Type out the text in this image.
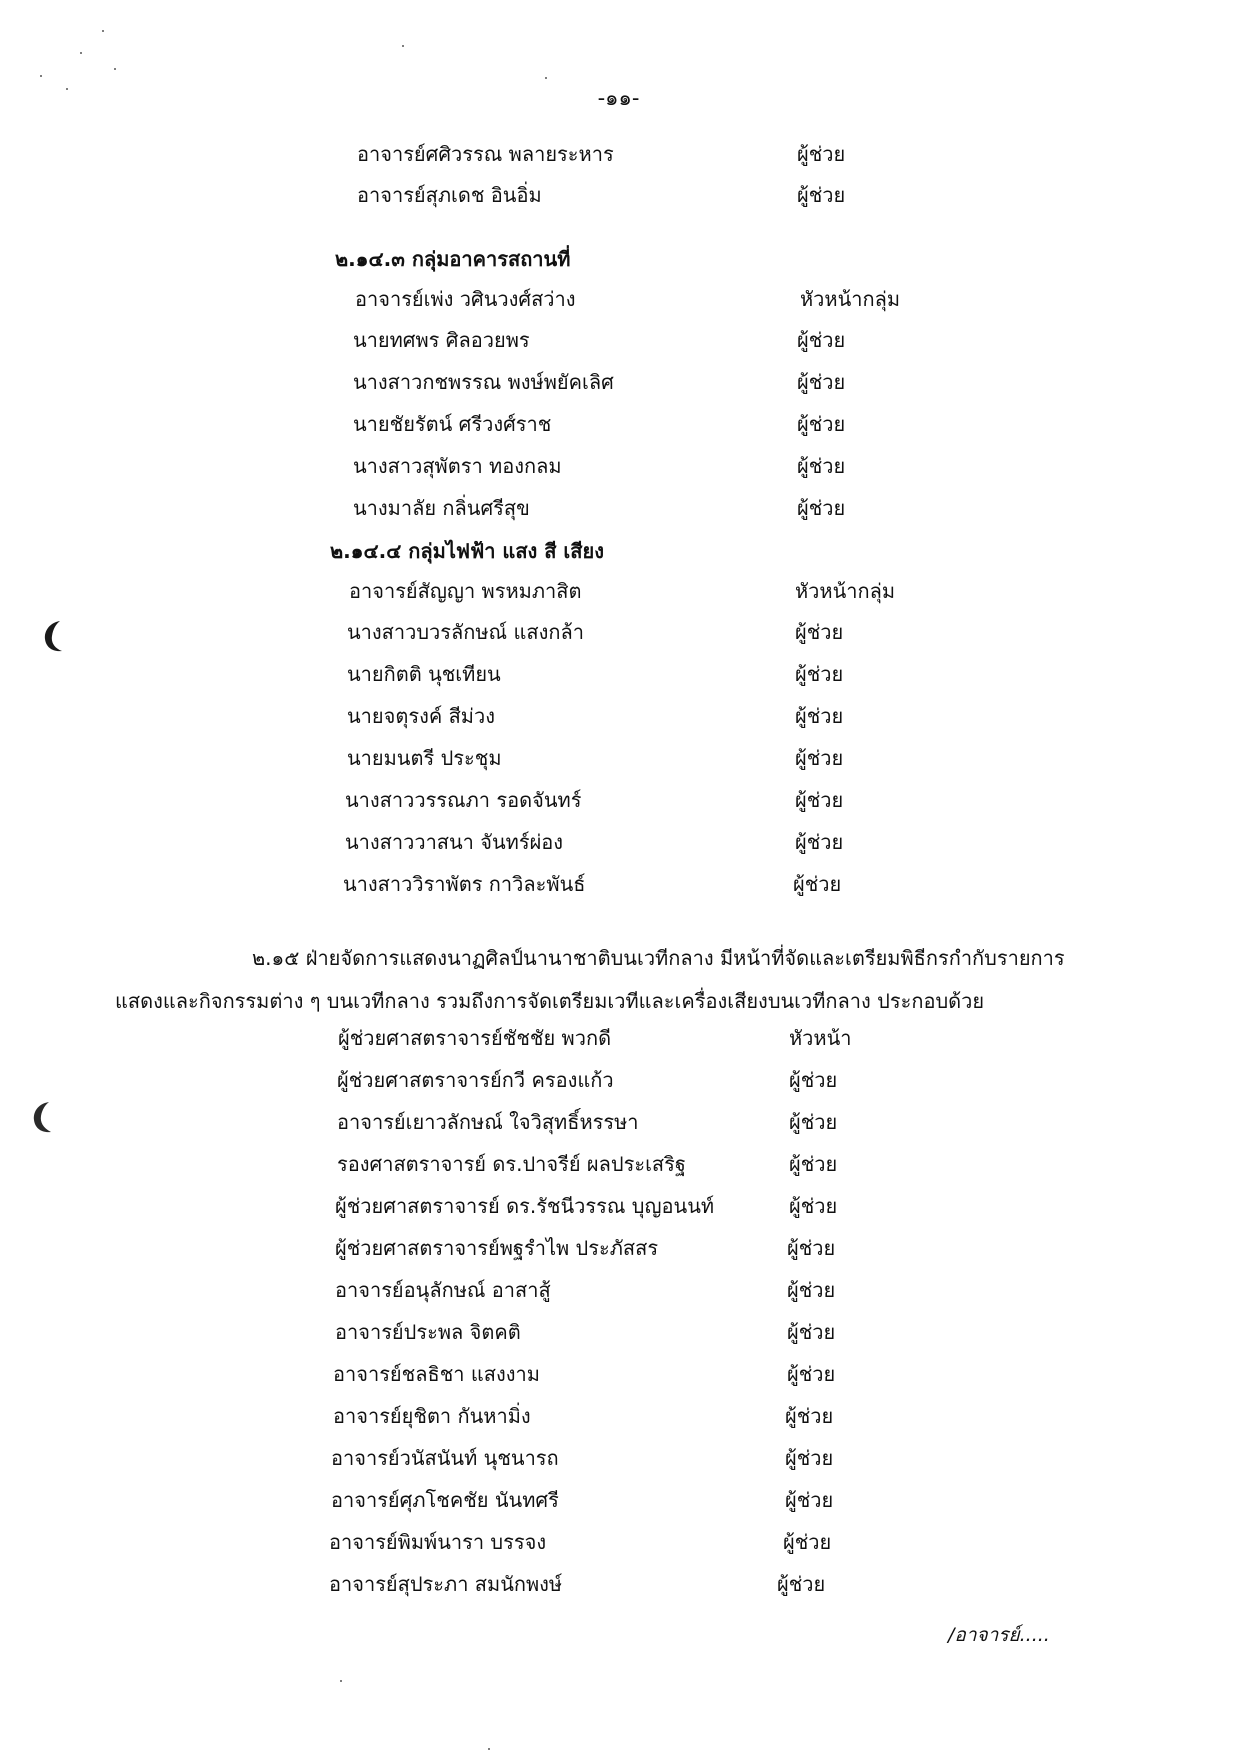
-๑๑-
อาจารย์ศศิวรรณ พลายระหาร	ผู้ช่วย
อาจารย์สุภเดช อินอิ่ม	ผู้ช่วย
๒.๑๔.๓ กลุ่มอาคารสถานที่
อาจารย์เพ่ง วศินวงศ์สว่าง	หัวหน้ากลุ่ม
นายทศพร ศิลอวยพร	ผู้ช่วย
นางสาวกชพรรณ พงษ์พยัคเลิศ	ผู้ช่วย
นายชัยรัตน์ ศรีวงศ์ราช	ผู้ช่วย
นางสาวสุพัตรา ทองกลม	ผู้ช่วย
นางมาลัย กลิ่นศรีสุข	ผู้ช่วย
๒.๑๔.๔ กลุ่มไฟฟ้า แสง สี เสียง
อาจารย์สัญญา พรหมภาสิต	หัวหน้ากลุ่ม
นางสาวบวรลักษณ์ แสงกล้า	ผู้ช่วย
นายกิตติ นุชเทียน	ผู้ช่วย
นายจตุรงค์ สีม่วง	ผู้ช่วย
นายมนตรี ประชุม	ผู้ช่วย
นางสาววรรณภา รอดจันทร์	ผู้ช่วย
นางสาววาสนา จันทร์ผ่อง	ผู้ช่วย
นางสาววิราพัตร กาวิละพันธ์	ผู้ช่วย
๒.๑๕ ฝ่ายจัดการแสดงนาฏศิลป์นานาชาติบนเวทีกลาง มีหน้าที่จัดและเตรียมพิธีกรกำกับรายการ
แสดงและกิจกรรมต่าง ๆ บนเวทีกลาง รวมถึงการจัดเตรียมเวทีและเครื่องเสียงบนเวทีกลาง ประกอบด้วย
ผู้ช่วยศาสตราจารย์ชัชชัย พวกดี	หัวหน้า
ผู้ช่วยศาสตราจารย์กวี ครองแก้ว	ผู้ช่วย
อาจารย์เยาวลักษณ์ ใจวิสุทธิ์หรรษา	ผู้ช่วย
รองศาสตราจารย์ ดร.ปาจรีย์ ผลประเสริฐ	ผู้ช่วย
ผู้ช่วยศาสตราจารย์ ดร.รัชนีวรรณ บุญอนนท์	ผู้ช่วย
ผู้ช่วยศาสตราจารย์พฐรำไพ ประภัสสร	ผู้ช่วย
อาจารย์อนุลักษณ์ อาสาสู้	ผู้ช่วย
อาจารย์ประพล จิตคติ	ผู้ช่วย
อาจารย์ชลธิชา แสงงาม	ผู้ช่วย
อาจารย์ยุชิตา กันหามิ่ง	ผู้ช่วย
อาจารย์วนัสนันท์ นุชนารถ	ผู้ช่วย
อาจารย์ศุภโชคชัย นันทศรี	ผู้ช่วย
อาจารย์พิมพ์นารา บรรจง	ผู้ช่วย
อาจารย์สุประภา สมนักพงษ์	ผู้ช่วย
/อาจารย์.....
